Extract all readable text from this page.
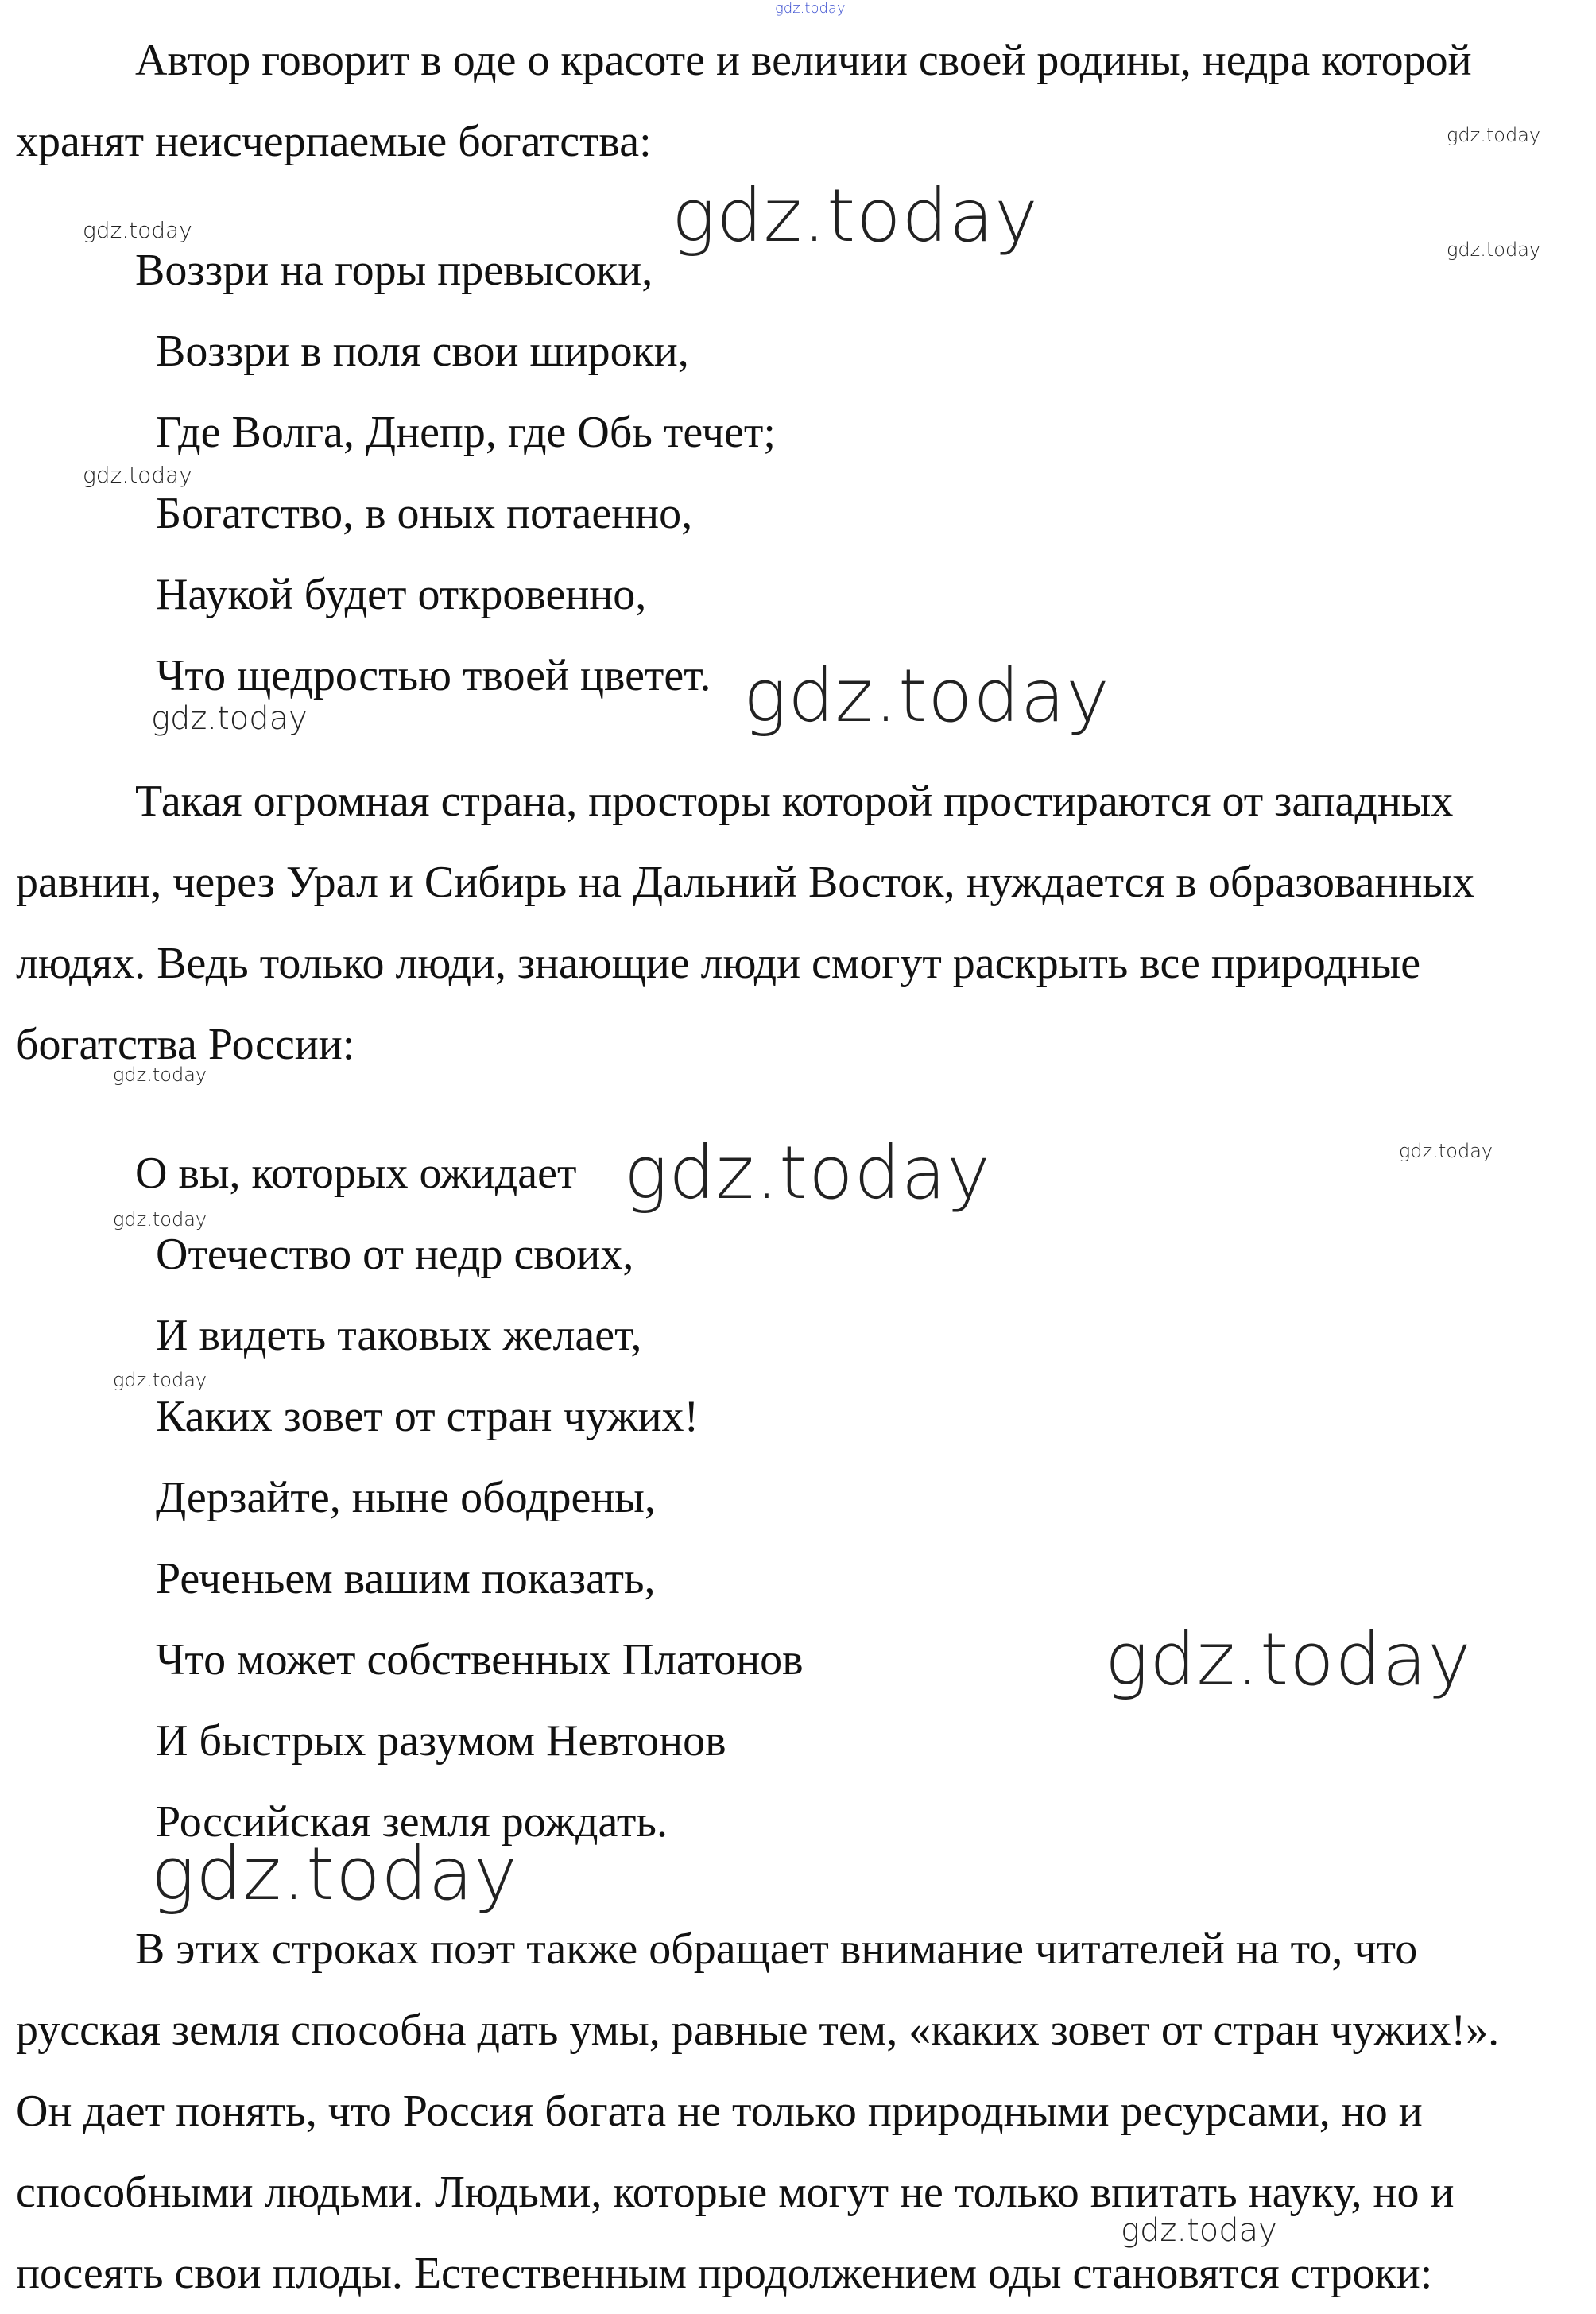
Автор говорит в оде о красоте и величии своей родины, недра которой
хранят неисчерпаемые богатства:
Воззри на горы превысоки,
Воззри в поля свои широки,
Где Волга, Днепр, где Обь течет;
Богатство, в оных потаенно,
Наукой будет откровенно,
Что щедростью твоей цветет.
Такая огромная страна, просторы которой простираются от западных
равнин, через Урал и Сибирь на Дальний Восток, нуждается в образованных
людях. Ведь только люди, знающие люди смогут раскрыть все природные
богатства России:
О вы, которых ожидает
Отечество от недр своих,
И видеть таковых желает,
Каких зовет от стран чужих!
Дерзайте, ныне ободрены,
Реченьем вашим показать,
Что может собственных Платонов
И быстрых разумом Невтонов
Российская земля рождать.
В этих строках поэт также обращает внимание читателей на то, что
русская земля способна дать умы, равные тем, «каких зовет от стран чужих!».
Он дает понять, что Россия богата не только природными ресурсами, но и
способными людьми. Людьми, которые могут не только впитать науку, но и
посеять свои плоды. Естественным продолжением оды становятся строки:
gdz.today
gdz.today
gdz.today
gdz.today
gdz.today
gdz.today
gdz.today
gdz.today
gdz.today
gdz.today
gdz.today
gdz.today
gdz.today
gdz.today
gdz.today
gdz.today
